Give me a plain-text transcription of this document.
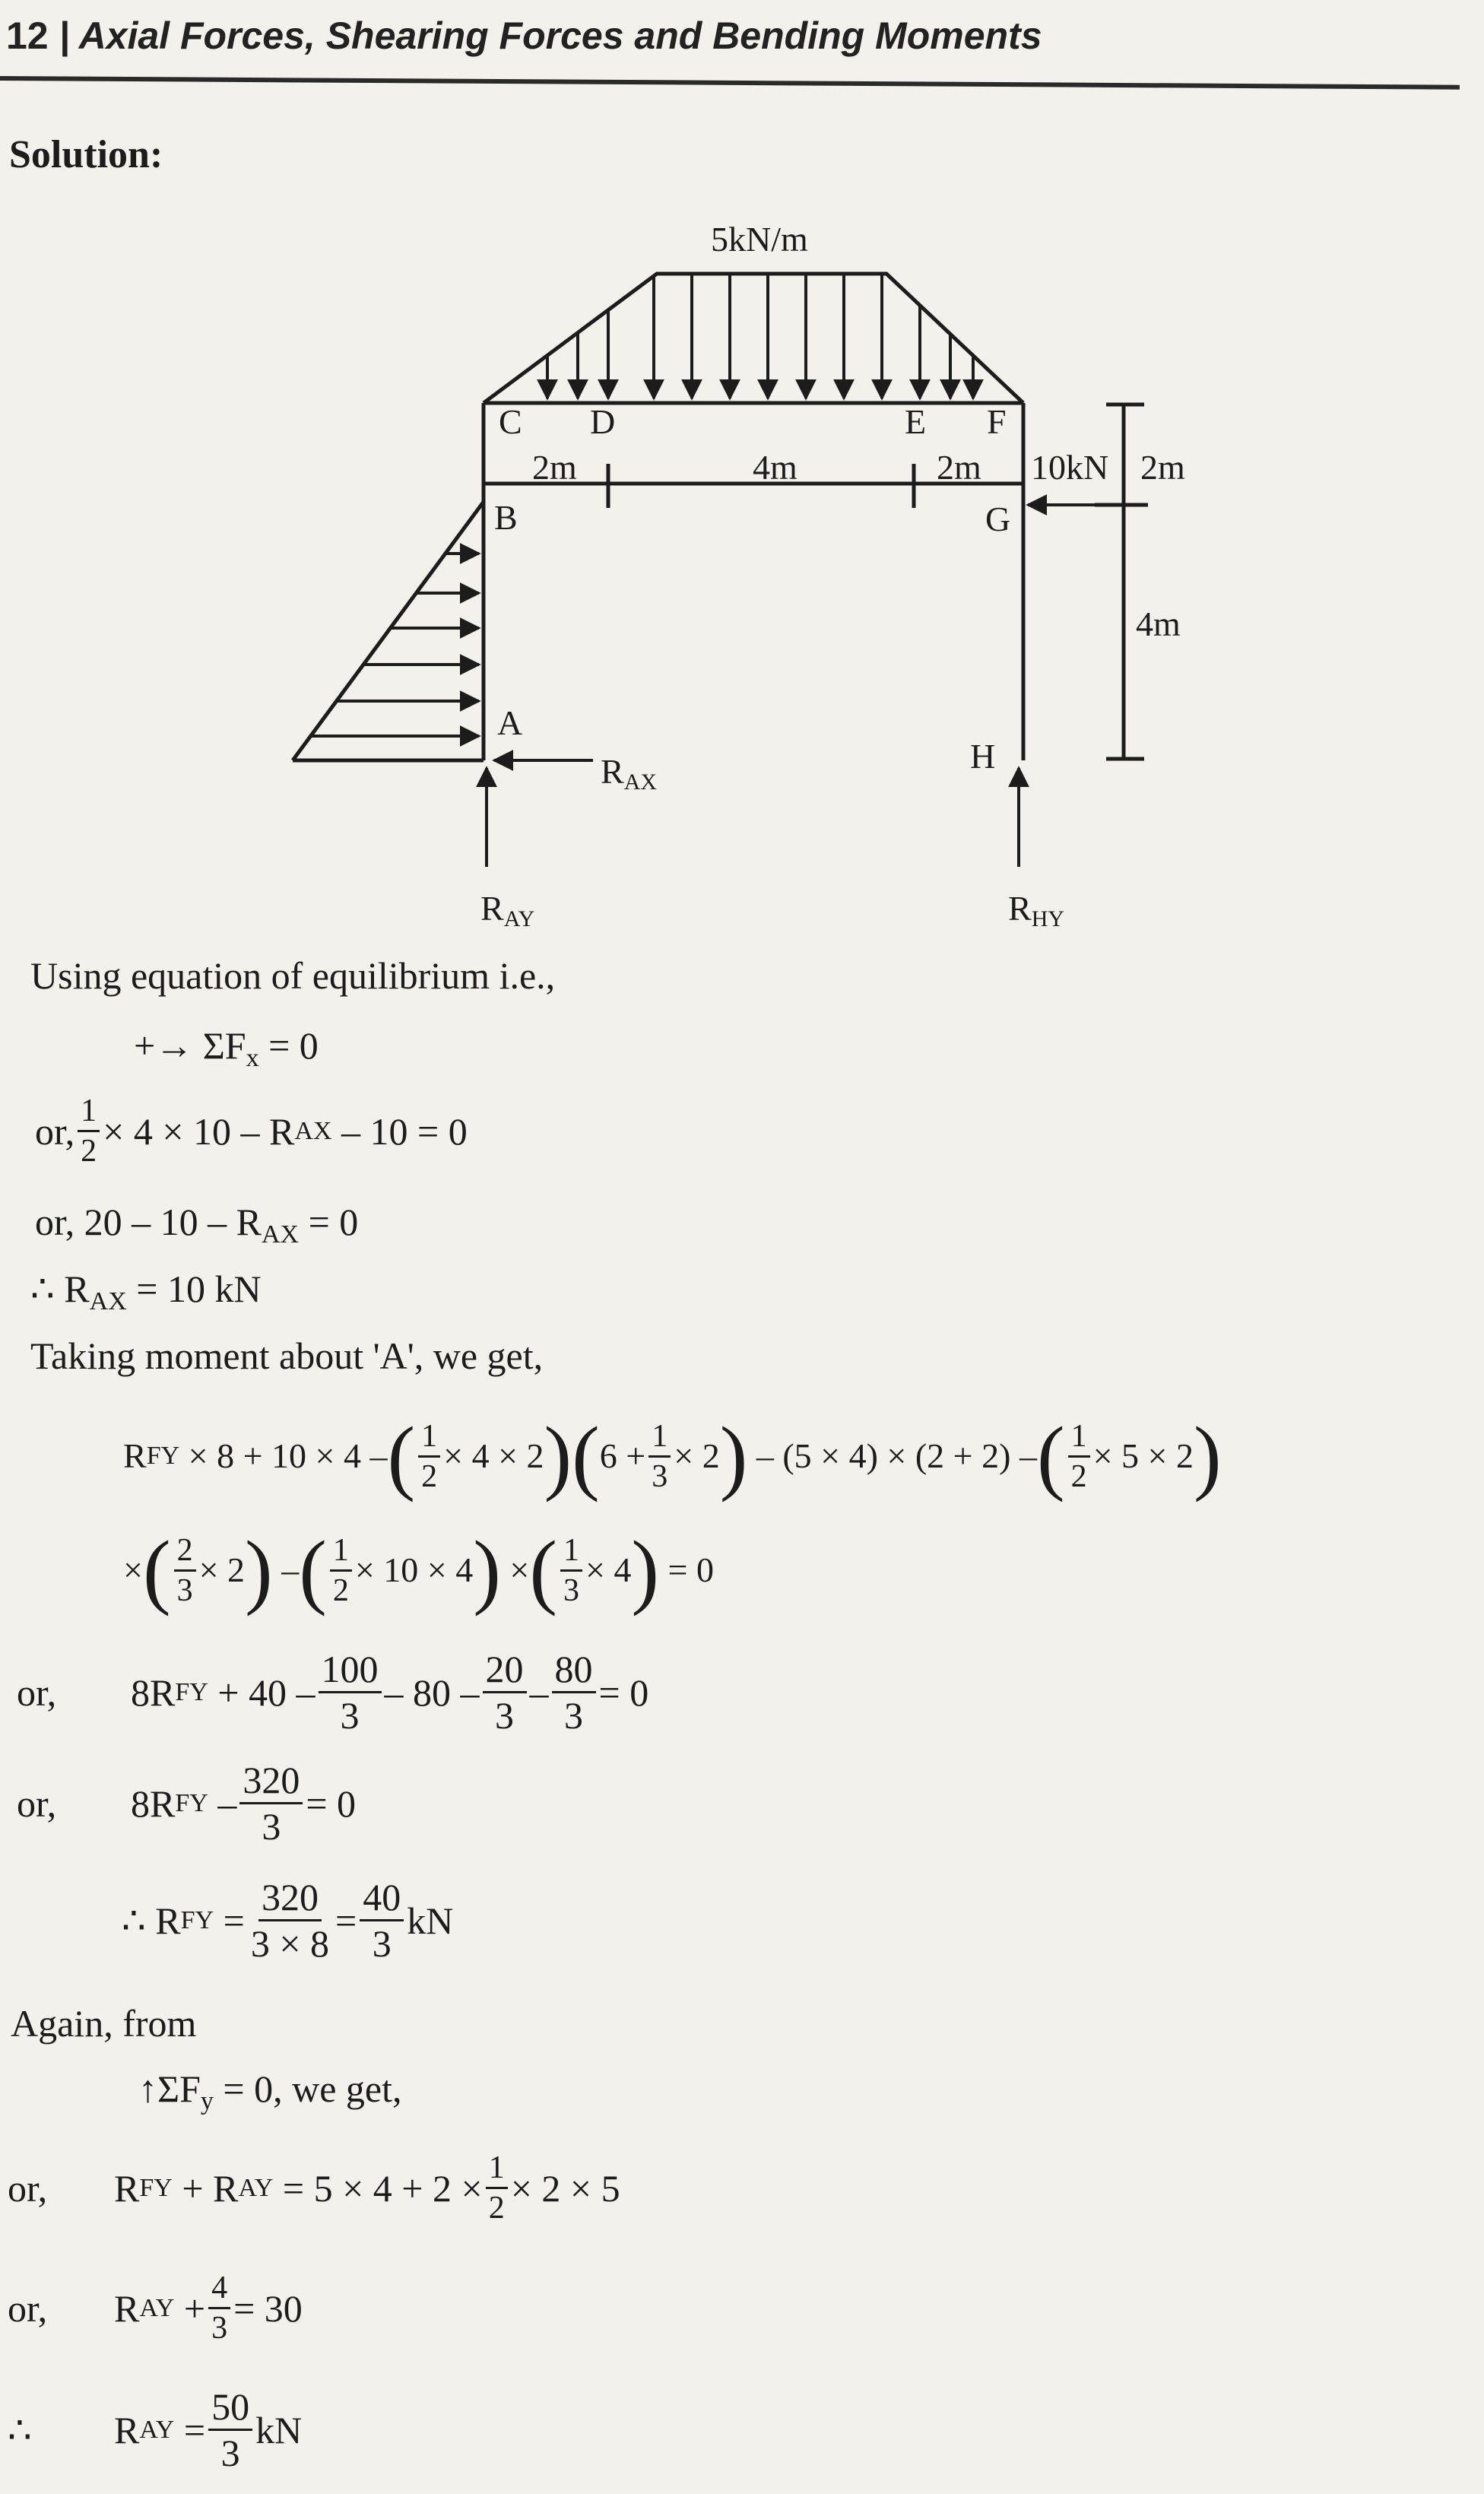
12 | Axial Forces, Shearing Forces and Bending Moments
Solution:
5kN/m
C D	E F
2m	4m	2m 10kN 2m
4m
B	G
A
H
RAX
RAY	RHY
Using equation of equilibrium i.e.,
+→ $\Sigma F_x = 0$
or, $\frac{1}{2} \times 4 \times 10 - R$ AX
– 10 = 0
or, $20 - 10 - R_{AX} = 0$
∴ $R_{AX} = 10$ kN
Taking moment about 'A', we get,
R FY
× 8 + 10 × 4 – ( $\frac{1}{2} \times 4 \times 2$ ) ( $6 + \frac{1}{3} \times 2$ )
– (5 × 4) × (2 + 2) – ( $\frac{1}{2} \times 5 \times 2$ )
× ( $\frac{2}{3} \times 2$ )
– ( $\frac{1}{2} \times 10 \times 4$ )
× ( $\frac{1}{3} \times 4$ )
= 0
or,	8R FY
+ $40 - \frac{100}{3} - 80 - \frac{20}{3} - \frac{80}{3} = 0$
or,	8R FY
– $\frac{320}{3} = 0$
∴ R FY
= $\frac{320}{3 \times 8} = \frac{40}{3}$ kN
Again, from
$↑\Sigma F_y = 0$, we get,
or,	R FY
+ R AY
= $5 \times 4 + 2 \times \frac{1}{2} \times 2 \times 5$
or,	R AY
+ $\frac{4}{3} = 30$
∴	R AY
= $\frac{50}{3}$ kN
